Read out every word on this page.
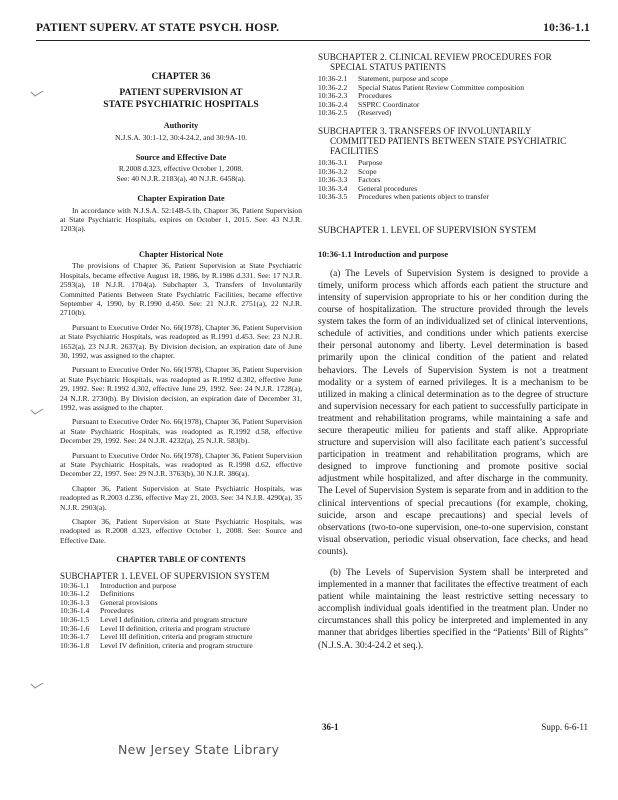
PATIENT SUPERV. AT STATE PSYCH. HOSP.	10:36-1.1
CHAPTER 36
PATIENT SUPERVISION AT
STATE PSYCHIATRIC HOSPITALS
Authority

N.J.S.A. 30:1-12, 30:4-24.2, and 30:9A-10.

Source and Effective Date

R.2008 d.323, effective October 1, 2008.

See: 40 N.J.R. 2183(a), 40 N.J.R. 6458(a).

Chapter Expiration Date

In accordance with N.J.S.A. 52:14B-5.1b, Chapter 36, Patient Supervision at State Psychiatric Hospitals, expires on October 1, 2015. See: 43 N.J.R. 1203(a).

Chapter Historical Note

The provisions of Chapter 36, Patient Supervision at State Psychiatric Hospitals, became effective August 18, 1986, by R.1986 d.331. See: 17 N.J.R. 2593(a), 18 N.J.R. 1704(a). Subchapter 3, Transfers of Involuntarily Committed Patients Between State Psychiatric Facilities, became effective September 4, 1990, by R.1990 d.450. See: 21 N.J.R. 2751(a), 22 N.J.R. 2710(b).

Pursuant to Executive Order No. 66(1978), Chapter 36, Patient Supervision at State Psychiatric Hospitals, was readopted as R.1991 d.453. See: 23 N.J.R. 1652(a), 23 N.J.R. 2637(a). By Division decision, an expiration date of June 30, 1992, was assigned to the chapter.

Pursuant to Executive Order No. 66(1978), Chapter 36, Patient Supervision at State Psychiatric Hospitals, was readopted as R.1992 d.302, effective June 29, 1992. See: R.1992 d.302, effective June 29, 1992. See: 24 N.J.R. 1728(a), 24 N.J.R. 2730(b). By Division decision, an expiration date of December 31, 1992, was assigned to the chapter.

Pursuant to Executive Order No. 66(1978), Chapter 36, Patient Supervision at State Psychiatric Hospitals, was readopted as R.1992 d.58, effective December 29, 1992. See: 24 N.J.R. 4232(a), 25 N.J.R. 583(b).

Pursuant to Executive Order No. 66(1978), Chapter 36, Patient Supervision at State Psychiatric Hospitals, was readopted as R.1998 d.62, effective December 22, 1997. See: 29 N.J.R. 3763(b), 30 N.J.R. 386(a).

Chapter 36, Patient Supervision at State Psychiatric Hospitals, was readopted as R.2003 d.236, effective May 21, 2003. See: 34 N.J.R. 4290(a), 35 N.J.R. 2903(a).

Chapter 36, Patient Supervision at State Psychiatric Hospitals, was readopted as R.2008 d.323, effective October 1, 2008. See: Source and Effective Date.

CHAPTER TABLE OF CONTENTS
SUBCHAPTER 1. LEVEL OF SUPERVISION SYSTEM
10:36-1.1	Introduction and purpose
10:36-1.2	Definitions
10:36-1.3	General provisions
10:36-1.4	Procedures
10:36-1.5	Level I definition, criteria and program structure
10:36-1.6	Level II definition, criteria and program structure
10:36-1.7	Level III definition, criteria and program structure
10:36-1.8	Level IV definition, criteria and program structure
SUBCHAPTER 2. CLINICAL REVIEW PROCEDURES FOR SPECIAL STATUS PATIENTS
10:36-2.1	Statement, purpose and scope
10:36-2.2	Special Status Patient Review Committee composition
10:36-2.3	Procedures
10:36-2.4	SSPRC Coordinator
10:36-2.5	(Reserved)
SUBCHAPTER 3. TRANSFERS OF INVOLUNTARILY COMMITTED PATIENTS BETWEEN STATE PSYCHIATRIC FACILITIES
10:36-3.1	Purpose
10:36-3.2	Scope
10:36-3.3	Factors
10:36-3.4	General procedures
10:36-3.5	Procedures when patients object to transfer
SUBCHAPTER 1. LEVEL OF SUPERVISION SYSTEM
10:36-1.1 Introduction and purpose

(a) The Levels of Supervision System is designed to provide a timely, uniform process which affords each patient the structure and intensity of supervision appropriate to his or her condition during the course of hospitalization. The structure provided through the levels system takes the form of an individualized set of clinical interventions, schedule of activities, and conditions under which patients exercise their personal autonomy and liberty. Level determination is based primarily upon the clinical condition of the patient and related behaviors. The Levels of Supervision System is not a treatment modality or a system of earned privileges. It is a mechanism to be utilized in making a clinical determination as to the degree of structure and supervision necessary for each patient to successfully participate in treatment and rehabilitation programs, while maintaining a safe and secure therapeutic milieu for patients and staff alike. Appropriate structure and supervision will also facilitate each patient’s successful participation in treatment and rehabilitation programs, which are designed to improve functioning and promote positive social adjustment while hospitalized, and after discharge in the community. The Level of Supervision System is separate from and in addition to the clinical interventions of special precautions (for example, choking, suicide, arson and escape precautions) and special levels of observations (two-to-one supervision, one-to-one supervision, constant visual observation, periodic visual observation, face checks, and head counts).

(b) The Levels of Supervision System shall be interpreted and implemented in a manner that facilitates the effective treatment of each patient while maintaining the least restrictive setting necessary to accomplish individual goals identified in the treatment plan. Under no circumstances shall this policy be interpreted and implemented in any manner that abridges liberties specified in the “Patients’ Bill of Rights” (N.J.S.A. 30:4-24.2 et seq.).

36-1	Supp. 6-6-11
New Jersey State Library
